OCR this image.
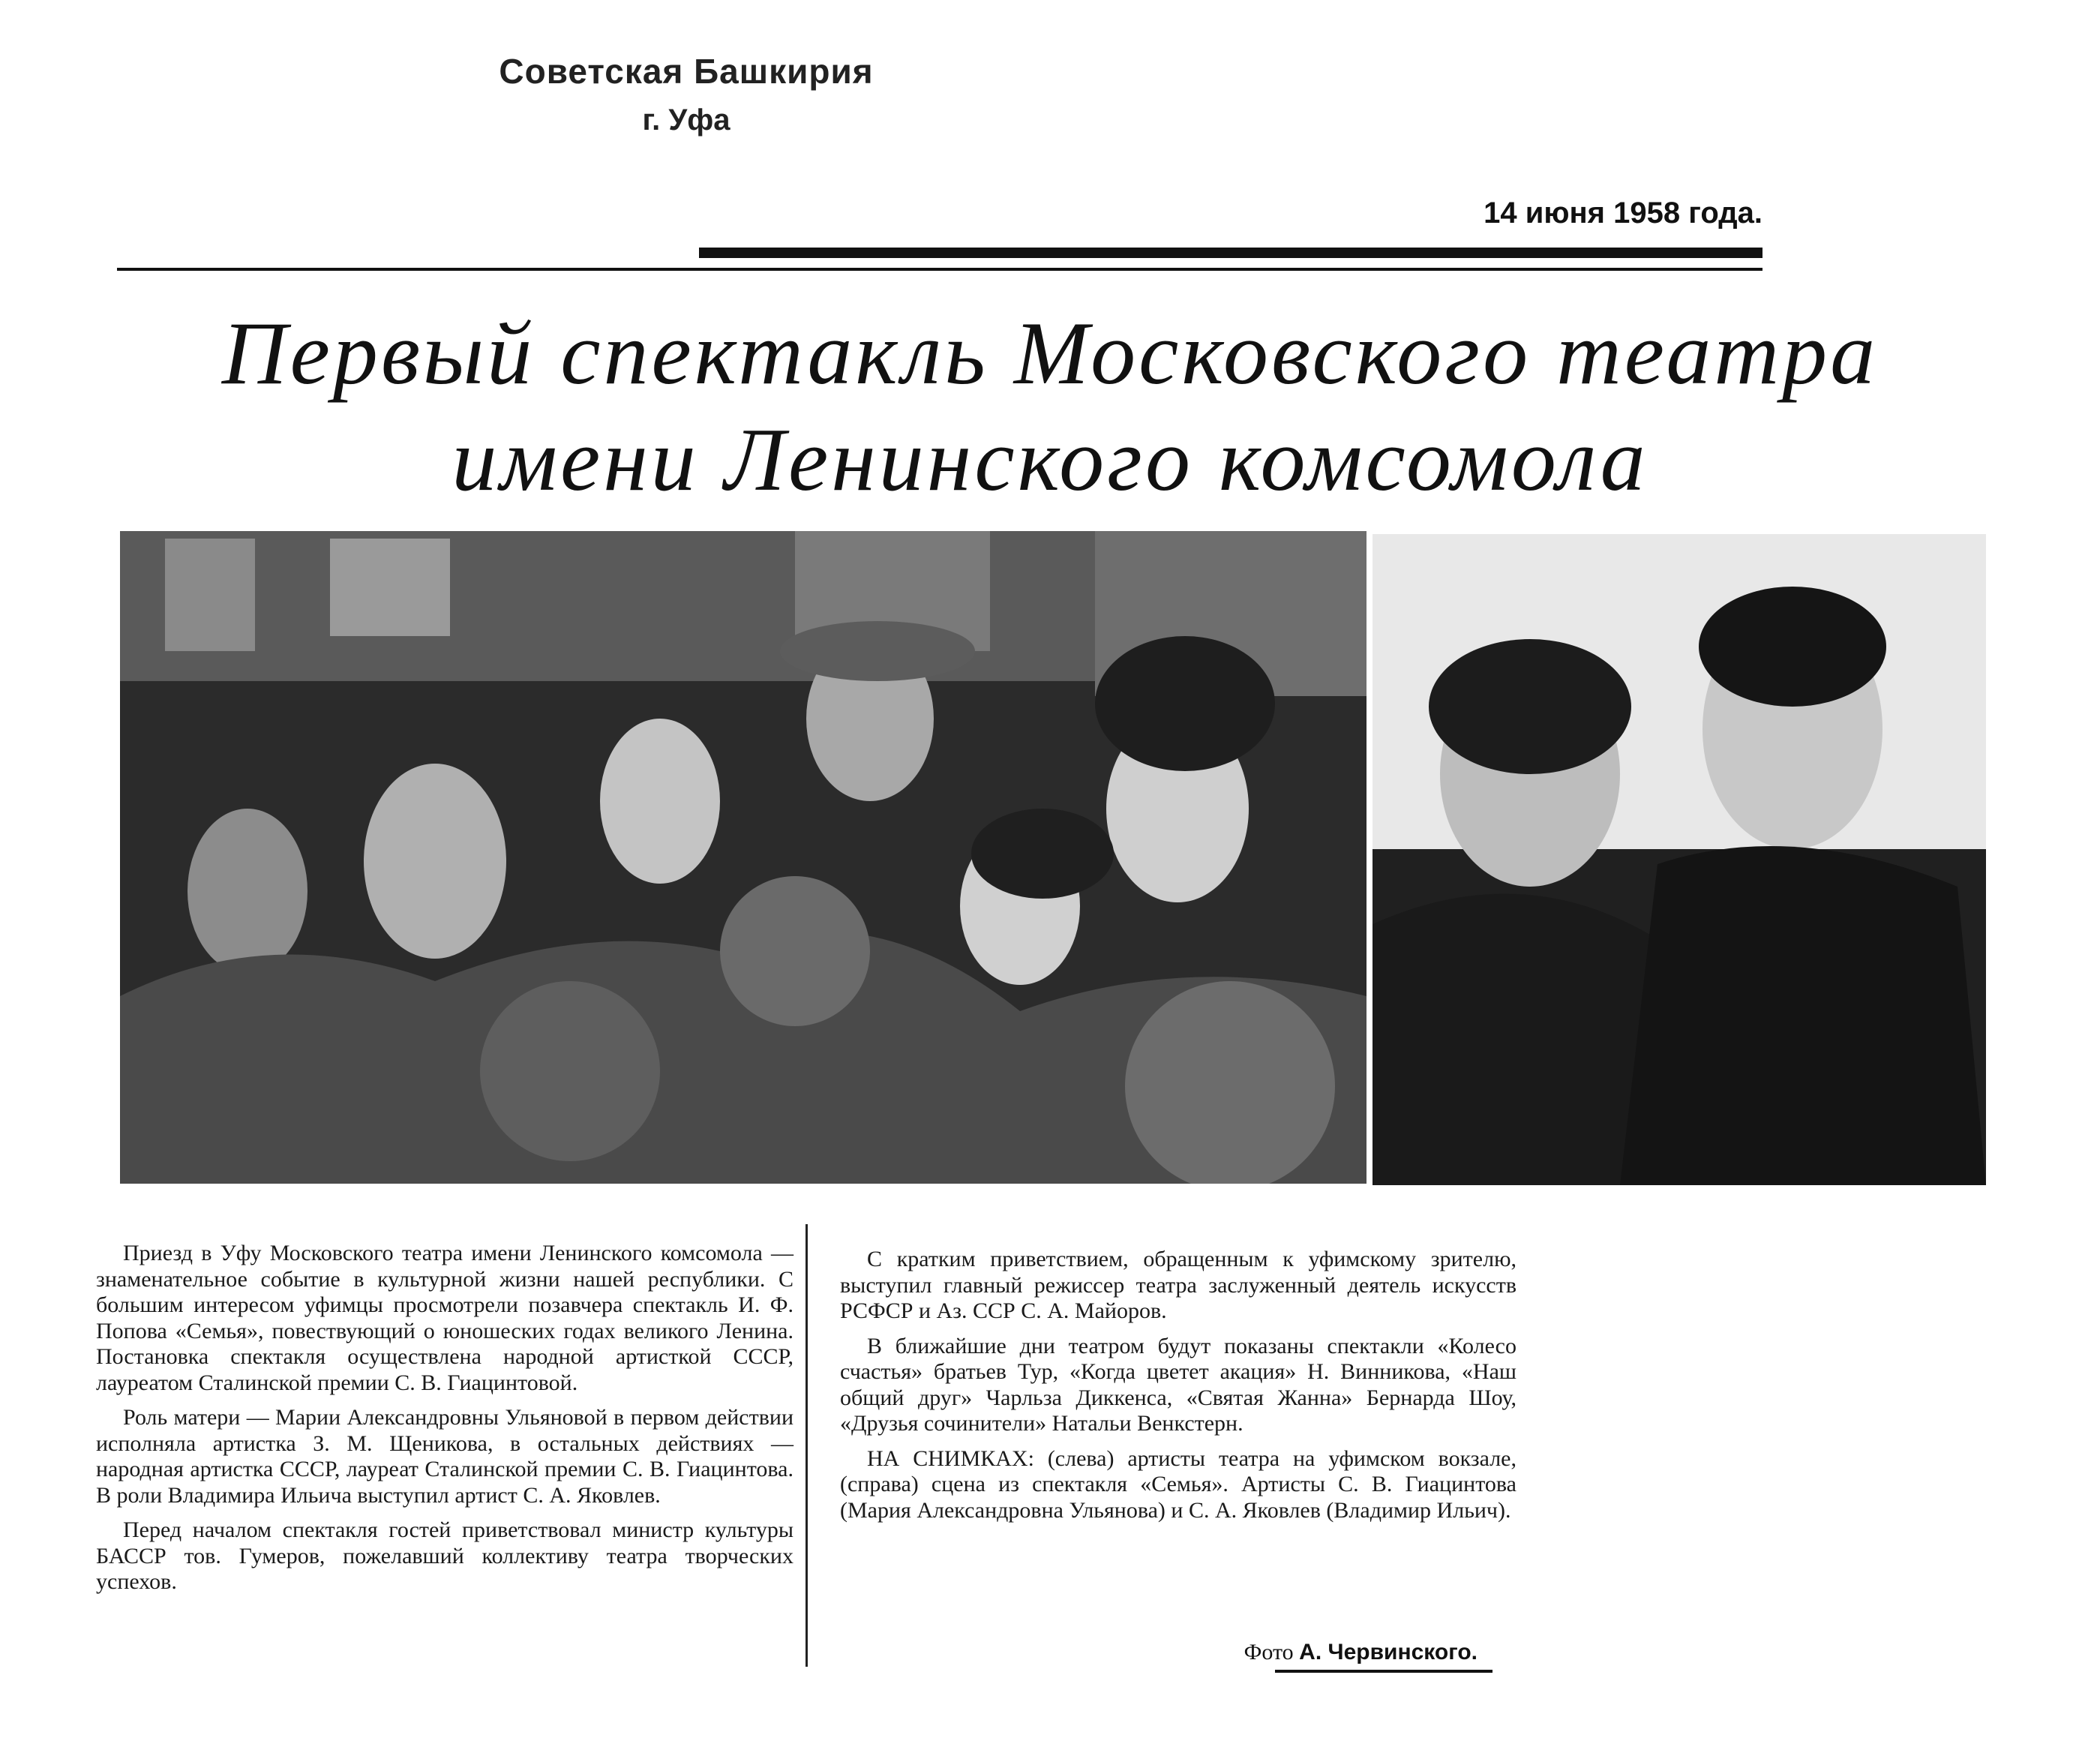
Советская Башкирия
г. Уфа
14 июня 1958 года.
Первый спектакль Московского театра
имени Ленинского комсомола

Приезд в Уфу Московского театра имени Ленинского комсомола — знаменательное событие в культурной жизни нашей республики. С большим интересом уфимцы просмотрели позавчера спектакль И. Ф. Попова «Семья», повествующий о юношеских годах великого Ленина. Постановка спектакля осуществлена народной артисткой СССР, лауреатом Сталинской премии С. В. Гиацинтовой.

Роль матери — Марии Александровны Ульяновой в первом действии исполняла артистка З. М. Щеникова, в остальных действиях — народная артистка СССР, лауреат Сталинской премии С. В. Гиацинтова. В роли Владимира Ильича выступил артист С. А. Яковлев.

Перед началом спектакля гостей приветствовал министр культуры БАССР тов. Гумеров, пожелавший коллективу театра творческих успехов.

С кратким приветствием, обращенным к уфимскому зрителю, выступил главный режиссер театра заслуженный деятель искусств РСФСР и Аз. ССР С. А. Майоров.

В ближайшие дни театром будут показаны спектакли «Колесо счастья» братьев Тур, «Когда цветет акация» Н. Винникова, «Наш общий друг» Чарльза Диккенса, «Святая Жанна» Бернарда Шоу, «Друзья сочинители» Натальи Венкстерн.

НА СНИМКАХ: (слева) артисты театра на уфимском вокзале, (справа) сцена из спектакля «Семья». Артисты С. В. Гиацинтова (Мария Александровна Ульянова) и С. А. Яковлев (Владимир Ильич).

Фото А. Червинского.
